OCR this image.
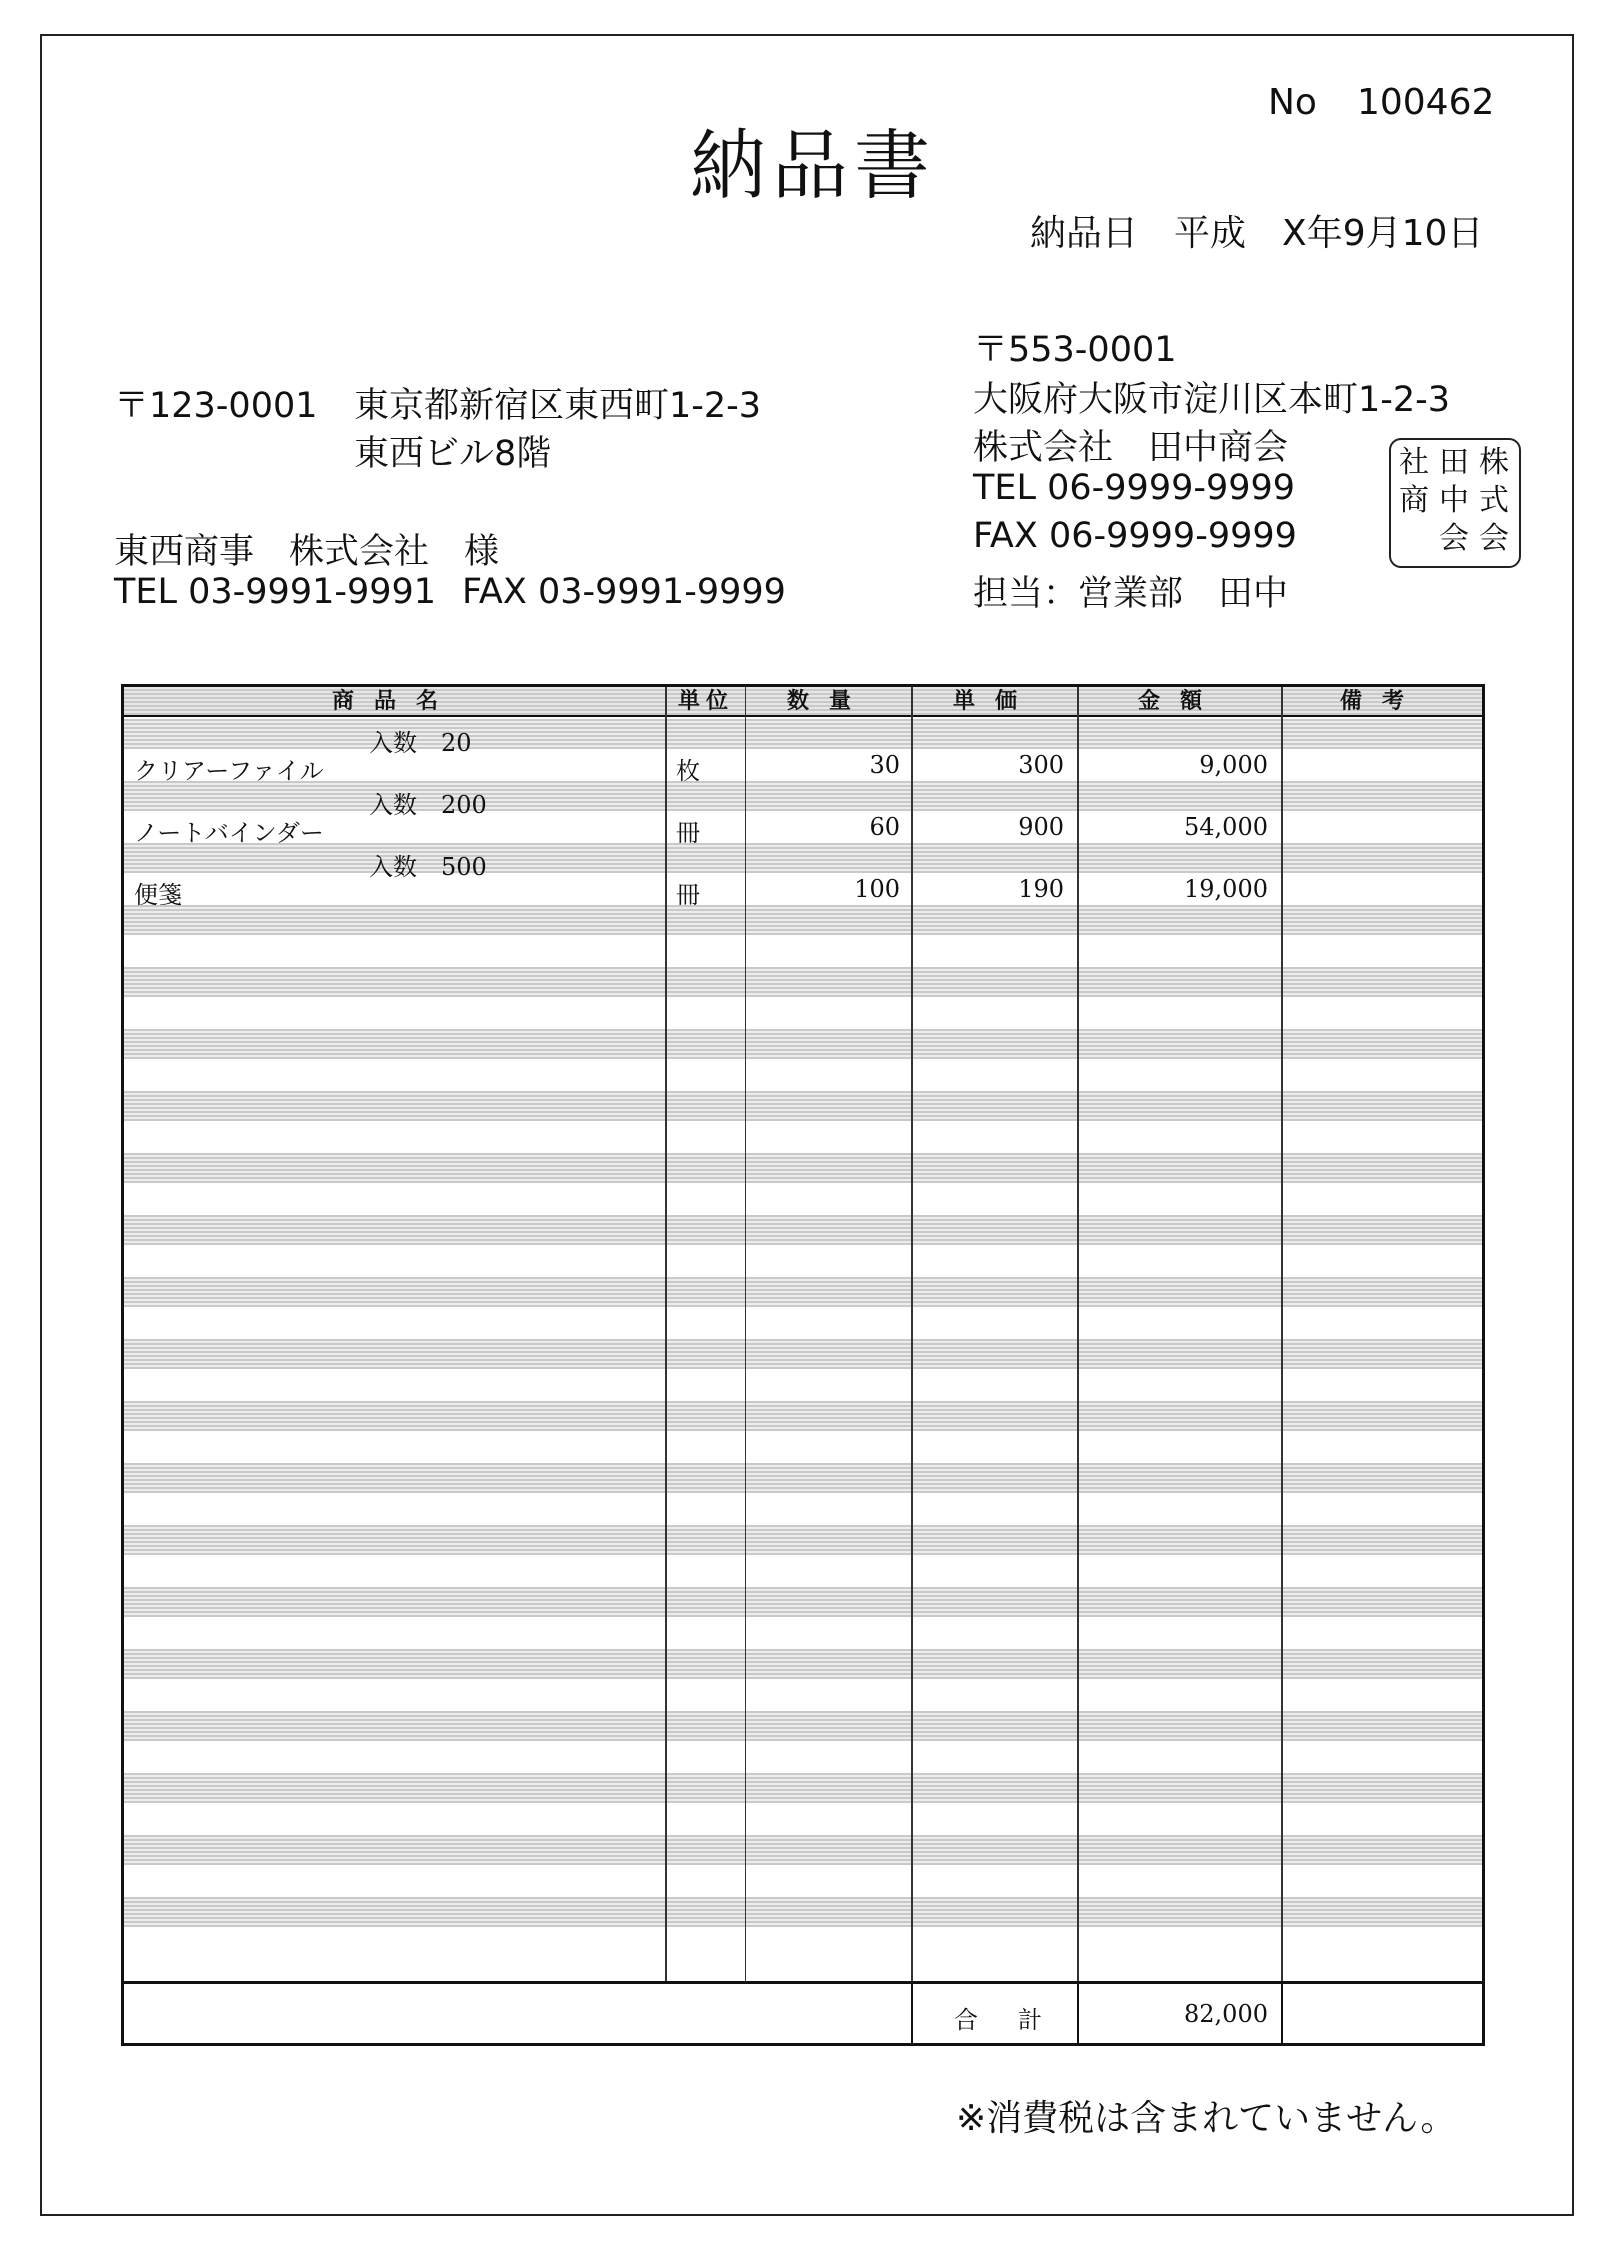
No 100462
納品書
納品日 平成 X年9月10日
〒123-0001 東京都新宿区東西町1-2-3
東西ビル8階
東西商事　株式会社　様
TEL 03-9991-9991 FAX 03-9991-9999
〒553-0001
大阪府大阪市淀川区本町1-2-3
株式会社　田中商会
TEL 06-9999-9999
FAX 06-9999-9999
担当：営業部　田中
株
式
会
社 田
中
商
会
商品名	単位	数量	単価	金額	備考
入数　20
クリアーファイル	枚	30	300	9,000
入数　200
ノートバインダー	冊	60	900	54,000
入数　500
便箋	冊	100	190	19,000
合　計	82,000
※消費税は含まれていません。
